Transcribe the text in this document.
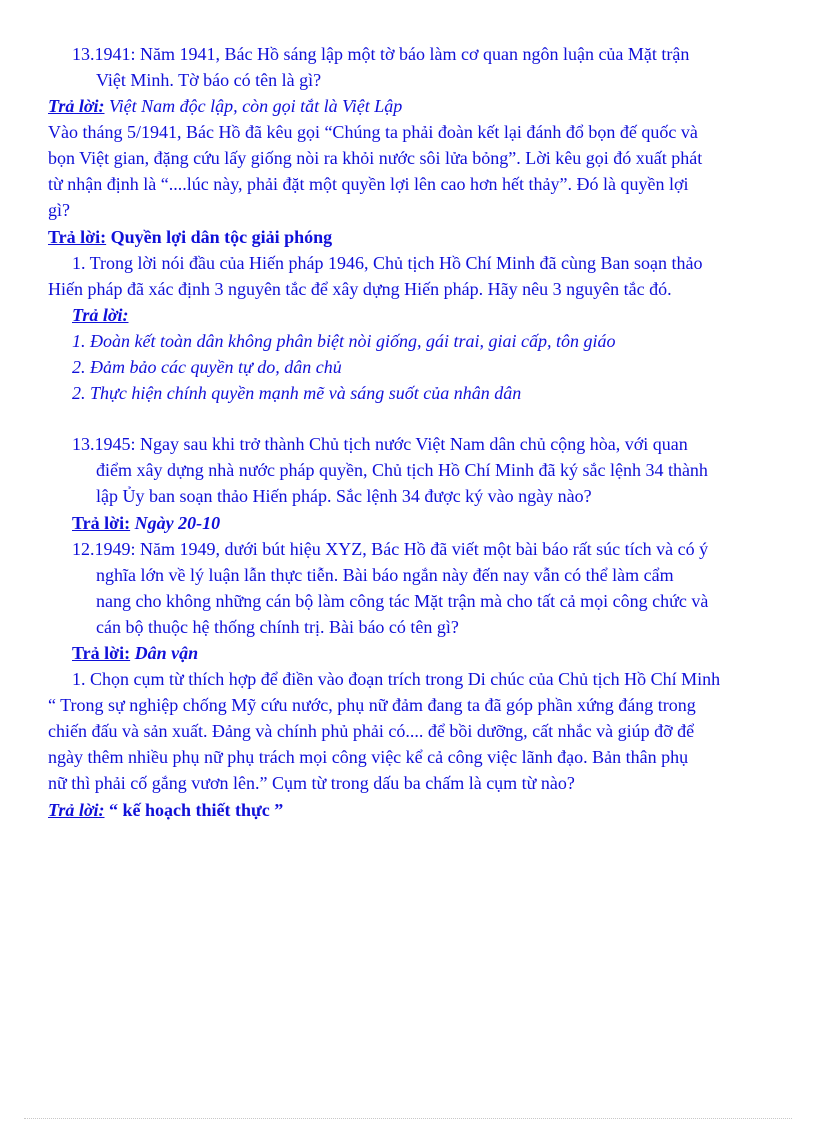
13.1941: Năm 1941, Bác Hồ sáng lập một tờ báo làm cơ quan ngôn luận của Mặt trận
Việt Minh. Tờ báo có tên là gì?
Trả lời: Việt Nam độc lập, còn gọi tắt là Việt Lập
Vào tháng 5/1941, Bác Hồ đã kêu gọi “Chúng ta phải đoàn kết lại đánh đổ bọn đế quốc và
bọn Việt gian, đặng cứu lấy giống nòi ra khỏi nước sôi lửa bỏng”. Lời kêu gọi đó xuất phát
từ nhận định là “....lúc này, phải đặt một quyền lợi lên cao hơn hết thảy”. Đó là quyền lợi
gì?
Trả lời: Quyền lợi dân tộc giải phóng
1. Trong lời nói đầu của Hiến pháp 1946, Chủ tịch Hồ Chí Minh đã cùng Ban soạn thảo
Hiến pháp đã xác định 3 nguyên tắc để xây dựng Hiến pháp. Hãy nêu 3 nguyên tắc đó.
Trả lời:
1. Đoàn kết toàn dân không phân biệt nòi giống, gái trai, giai cấp, tôn giáo
2. Đảm bảo các quyền tự do, dân chủ
2. Thực hiện chính quyền mạnh mẽ và sáng suốt của nhân dân
13.1945: Ngay sau khi trở thành Chủ tịch nước Việt Nam dân chủ cộng hòa, với quan
điểm xây dựng nhà nước pháp quyền, Chủ tịch Hồ Chí Minh đã ký sắc lệnh 34 thành
lập Ủy ban soạn thảo Hiến pháp. Sắc lệnh 34 được ký vào ngày nào?
Trả lời: Ngày 20-10
12.1949: Năm 1949, dưới bút hiệu XYZ, Bác Hồ đã viết một bài báo rất súc tích và có ý
nghĩa lớn về lý luận lẫn thực tiễn. Bài báo ngắn này đến nay vẫn có thể làm cẩm
nang cho không những cán bộ làm công tác Mặt trận mà cho tất cả mọi công chức và
cán bộ thuộc hệ thống chính trị. Bài báo có tên gì?
Trả lời: Dân vận
1. Chọn cụm từ thích hợp để điền vào đoạn trích trong Di chúc của Chủ tịch Hồ Chí Minh
“ Trong sự nghiệp chống Mỹ cứu nước, phụ nữ đảm đang ta đã góp phần xứng đáng trong
chiến đấu và sản xuất. Đảng và chính phủ phải có.... để bồi dưỡng, cất nhắc và giúp đỡ để
ngày thêm nhiều phụ nữ phụ trách mọi công việc kể cả công việc lãnh đạo. Bản thân phụ
nữ thì phải cố gắng vươn lên.” Cụm từ trong dấu ba chấm là cụm từ nào?
Trả lời: “ kế hoạch thiết thực ”
